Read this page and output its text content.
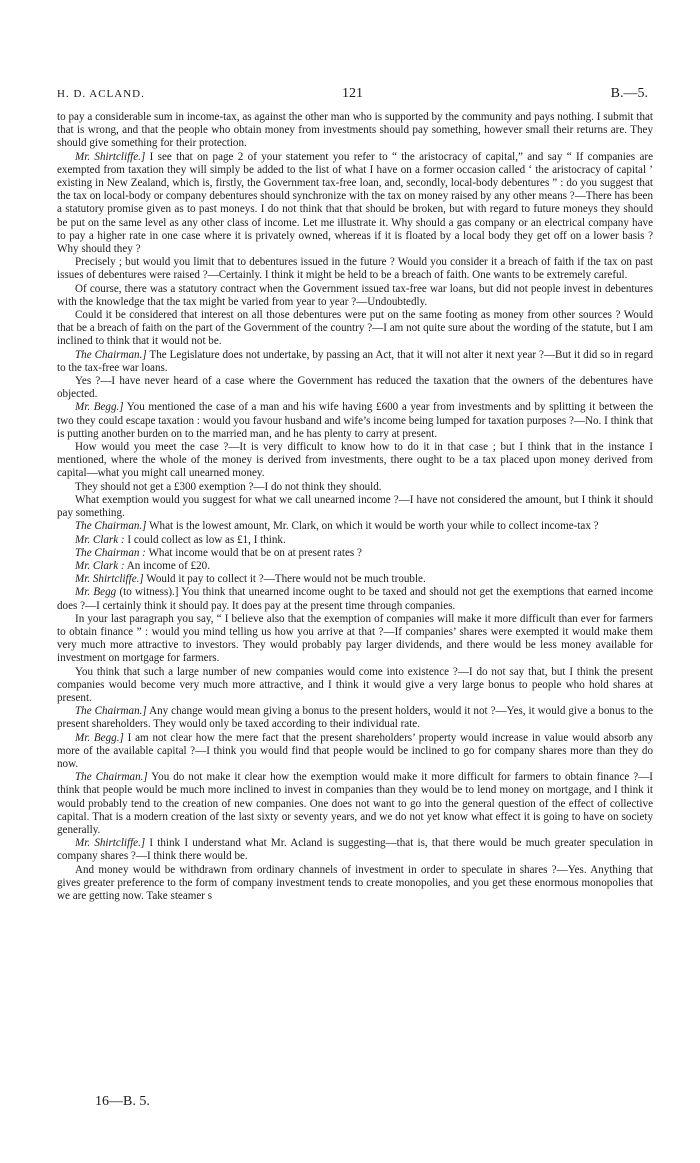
H. D. ACLAND.	121	B.—5.

to pay a considerable sum in income-tax, as against the other man who is supported by the community and pays nothing. I submit that that is wrong, and that the people who obtain money from investments should pay something, however small their returns are. They should give something for their protection.

Mr. Shirtcliffe.] I see that on page 2 of your statement you refer to “ the aristocracy of capital,” and say “ If companies are exempted from taxation they will simply be added to the list of what I have on a former occasion called ‘ the aristocracy of capital ’ existing in New Zealand, which is, firstly, the Government tax-free loan, and, secondly, local-body debentures ” : do you suggest that the tax on local-body or company debentures should synchronize with the tax on money raised by any other means ?—There has been a statutory promise given as to past moneys. I do not think that that should be broken, but with regard to future moneys they should be put on the same level as any other class of income. Let me illustrate it. Why should a gas company or an electrical company have to pay a higher rate in one case where it is privately owned, whereas if it is floated by a local body they get off on a lower basis ? Why should they ?

Precisely ; but would you limit that to debentures issued in the future ? Would you consider it a breach of faith if the tax on past issues of debentures were raised ?—Certainly. I think it might be held to be a breach of faith. One wants to be extremely careful.

Of course, there was a statutory contract when the Government issued tax-free war loans, but did not people invest in debentures with the knowledge that the tax might be varied from year to year ?—Undoubtedly.

Could it be considered that interest on all those debentures were put on the same footing as money from other sources ? Would that be a breach of faith on the part of the Government of the country ?—I am not quite sure about the wording of the statute, but I am inclined to think that it would not be.

The Chairman.] The Legislature does not undertake, by passing an Act, that it will not alter it next year ?—But it did so in regard to the tax-free war loans.

Yes ?—I have never heard of a case where the Government has reduced the taxation that the owners of the debentures have objected.

Mr. Begg.] You mentioned the case of a man and his wife having £600 a year from investments and by splitting it between the two they could escape taxation : would you favour husband and wife’s income being lumped for taxation purposes ?—No. I think that is putting another burden on to the married man, and he has plenty to carry at present.

How would you meet the case ?—It is very difficult to know how to do it in that case ; but I think that in the instance I mentioned, where the whole of the money is derived from investments, there ought to be a tax placed upon money derived from capital—what you might call unearned money.

They should not get a £300 exemption ?—I do not think they should.

What exemption would you suggest for what we call unearned income ?—I have not considered the amount, but I think it should pay something.

The Chairman.] What is the lowest amount, Mr. Clark, on which it would be worth your while to collect income-tax ?

Mr. Clark : I could collect as low as £1, I think.

The Chairman : What income would that be on at present rates ?

Mr. Clark : An income of £20.

Mr. Shirtcliffe.] Would it pay to collect it ?—There would not be much trouble.

Mr. Begg (to witness).] You think that unearned income ought to be taxed and should not get the exemptions that earned income does ?—I certainly think it should pay. It does pay at the present time through companies.

In your last paragraph you say, “ I believe also that the exemption of companies will make it more difficult than ever for farmers to obtain finance ” : would you mind telling us how you arrive at that ?—If companies’ shares were exempted it would make them very much more attractive to investors. They would probably pay larger dividends, and there would be less money available for investment on mortgage for farmers.

You think that such a large number of new companies would come into existence ?—I do not say that, but I think the present companies would become very much more attractive, and I think it would give a very large bonus to people who hold shares at present.

The Chairman.] Any change would mean giving a bonus to the present holders, would it not ?—Yes, it would give a bonus to the present shareholders. They would only be taxed according to their individual rate.

Mr. Begg.] I am not clear how the mere fact that the present shareholders’ property would increase in value would absorb any more of the available capital ?—I think you would find that people would be inclined to go for company shares more than they do now.

The Chairman.] You do not make it clear how the exemption would make it more difficult for farmers to obtain finance ?—I think that people would be much more inclined to invest in companies than they would be to lend money on mortgage, and I think it would probably tend to the creation of new companies. One does not want to go into the general question of the effect of collective capital. That is a modern creation of the last sixty or seventy years, and we do not yet know what effect it is going to have on society generally.

Mr. Shirtcliffe.] I think I understand what Mr. Acland is suggesting—that is, that there would be much greater speculation in company shares ?—I think there would be.

And money would be withdrawn from ordinary channels of investment in order to speculate in shares ?—Yes. Anything that gives greater preference to the form of company investment tends to create monopolies, and you get these enormous monopolies that we are getting now. Take steamer s

16—B. 5.
